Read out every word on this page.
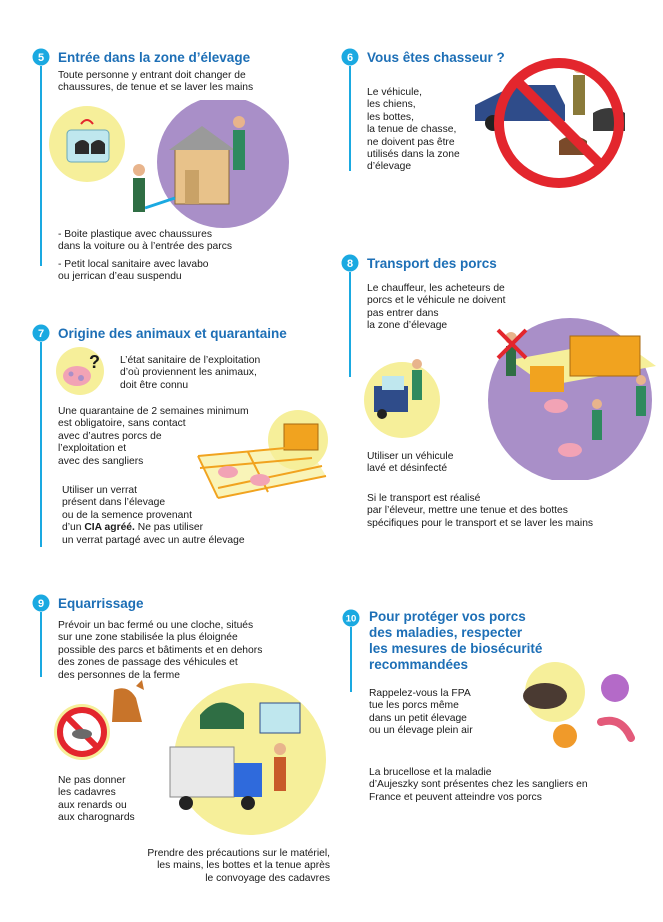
5 Entrée dans la zone d’élevage
Toute personne y entrant doit changer de
chaussures, de tenue et se laver les mains
- Boite plastique avec chaussures
dans la voiture ou à l’entrée des parcs
- Petit local sanitaire avec lavabo
ou jerrican d’eau suspendu
6 Vous êtes chasseur ?
Le véhicule,
les chiens,
les bottes,
la tenue de chasse,
ne doivent pas être
utilisés dans la zone
d’élevage
7 Origine des animaux et quarantaine
? L’état sanitaire de l’exploitation
d’où proviennent les animaux,
doit être connu
Une quarantaine de 2 semaines minimum
est obligatoire, sans contact
avec d’autres porcs de
l’exploitation et
avec des sangliers
Utiliser un verrat
présent dans l’élevage
ou de la semence provenant
d’un CIA agréé. Ne pas utiliser
un verrat partagé avec un autre élevage
8 Transport des porcs
Le chauffeur, les acheteurs de
porcs et le véhicule ne doivent
pas entrer dans
la zone d’élevage
Utiliser un véhicule
lavé et désinfecté
Si le transport est réalisé
par l’éleveur, mettre une tenue et des bottes
spécifiques pour le transport et se laver les mains
9 Equarrissage
Prévoir un bac fermé ou une cloche, situés
sur une zone stabilisée la plus éloignée
possible des parcs et bâtiments et en dehors
des zones de passage des véhicules et
des personnes de la ferme
Ne pas donner
les cadavres
aux renards ou
aux charognards
Prendre des précautions sur le matériel,
les mains, les bottes et la tenue après
le convoyage des cadavres
10 Pour protéger vos porcs
des maladies, respecter
les mesures de biosécurité
recommandées
Rappelez-vous la FPA
tue les porcs même
dans un petit élevage
ou un élevage plein air
La brucellose et la maladie
d’Aujeszky sont présentes chez les sangliers en
France et peuvent atteindre vos porcs
